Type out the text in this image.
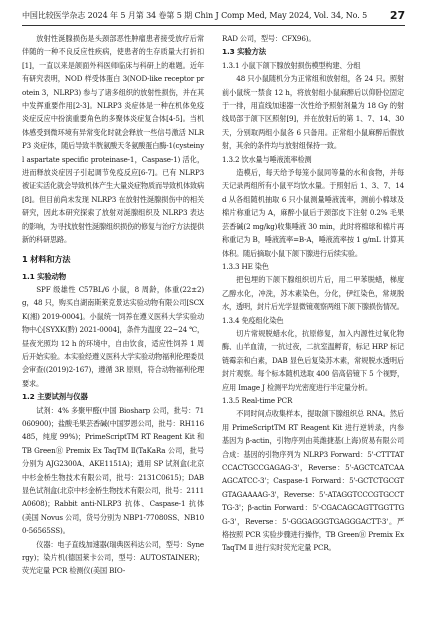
中国比较医学杂志 2024 年 5 月第 34 卷第 5 期 Chin J Comp Med, May 2024, Vol. 34, No. 5 27

放射性涎腺损伤是头颈部恶性肿瘤患者接受放疗后常伴随的一种不良反应性疾病，使患者的生存质量大打折扣[1]，一直以来是颌面外科医师临床与科研上的难题。近年有研究表明，NOD 样受体蛋白 3(NOD-like receptor protein 3，NLRP3) 参与了诸多组织的放射性损伤，并在其中发挥重要作用[2-3]。NLRP3 炎症体是一种在机体免疫炎症反应中扮演重要角色的多聚体炎症复合体[4-5]。当机体感受到微环境有异常变化时就会释放一些信号激活 NLRP3 炎症体，随后导致半胱氨酸天冬氨酸蛋白酶-1(cysteinyl aspartate specific proteinase-1，Caspase-1) 活化，进而释放炎症因子引起调节免疫反应[6-7]。已有 NLRP3 被证实活化就会导致机体产生大量炎症物质而导致机体致病[8]。但目前尚未发现 NLRP3 在放射性涎腺损伤中的相关研究，因此本研究探索了放射对涎腺组织及 NLRP3 表达的影响，为寻找放射性涎腺组织损伤的修复与治疗方法提供新的科研思路。

1 材料和方法
1.1 实验动物

SPF 级雄性 C57BL/6 小鼠，8 周龄，体重(22±2)g，48 只，购买自湖南斯莱克景达实验动物有限公司[SCXK(湘) 2019-0004]。小鼠统一饲养在遵义医科大学实验动物中心[SYXK(黔) 2021-0004]，条件为温度 22~24 ℃，昼夜光照均 12 h 的环境中，自由饮食，适应性饲养 1 周后开始实验。本实验经遵义医科大学实验动物福利伦理委员会审查((2019)2-167)，遵循 3R 原则，符合动物福利伦理要求。

1.2 主要试剂与仪器

试剂：4% 多聚甲醛(中国 Biosharp 公司，批号：71060900)；盐酸毛果芸香碱(中国罗恩公司，批号：RH116485，纯度 99%)；PrimeScriptTM RT Reagent Kit 和 TB GreenⓇ Premix Ex TaqTM Ⅱ(TaKaRa 公司，批号分别为 AJG2300A、AKE1151A)；通用 SP 试剂盒(北京中杉金桥生物技术有限公司，批号：2131C0615)；DAB 显色试剂盒(北京中杉金桥生物技术有限公司，批号：2111A0608)；Rabbit anti-NLRP3 抗体、Caspase-1 抗体(美国 Novus 公司，货号分别为 NBP1-77080SS、NB100-56565SS)。

仪器：电子直线加速器(瑞典医科达公司，型号：Synergy)；染片机(德国莱卡公司，型号：AUTOSTAINER)；荧光定量 PCR 检测仪(美国 BIO-

RAD 公司，型号：CFX96)。

1.3 实验方法
1.3.1 小鼠下颌下腺放射损伤模型构建、分组

48 只小鼠随机分为正常组和放射组，各 24 只。照射前小鼠统一禁食 12 h，将放射组小鼠麻醉后以仰卧位固定于一排，用直线加速器一次性给予照射剂量为 18 Gy 的射线局部于颌下区照射[9]，并在放射后的第 1、7、14、30 天，分别取两组小鼠各 6 只备用。正常组小鼠麻醉后假放射，其余的条件均与放射组保持一致。

1.3.2 饮水量与唾液流率检测

造模后，每天给予每笼小鼠同等量的水和食物，并每天记录两组所有小鼠平均饮水量。于照射后 1、3、7、14 d 从各组随机抽取 6 只小鼠测量唾液流率，测前小棉球及棉片称重记为 A，麻醉小鼠后于颈部皮下注射 0.2% 毛果芸香碱(2 mg/kg)收集唾液 30 min，此时将棉球和棉片再称重记为 B，唾液流率=B-A，唾液流率按 1 g/mL 计算其体积。随后摘取小鼠下颌下腺进行后续实验。

1.3.3 HE 染色

把包埋的下颌下腺组织切片后，用二甲苯脱蜡，梯度乙醇水化，冲洗，苏木素染色，分化，伊红染色，常规脱水，透明，封片后光学显微镜观察两组下颌下腺损伤情况。

1.3.4 免疫组化染色

切片常规脱蜡水化，抗原修复，加入内源性过氧化物酶、山羊血清，一抗过夜，二抗室温孵育，标记 HRP 标记链霉亲和白素，DAB 显色后复染苏木素，常规脱水透明后封片观察。每个标本随机选取 400 倍高倍镜下 5 个视野，应用 Image J 检测平均光密度进行半定量分析。

1.3.5 Real-time PCR

不同时间点收集样本，提取颌下腺组织总 RNA。然后用 PrimeScriptTM RT Reagent Kit 进行逆转录，内参基因为 β-actin，引物序列由英潍捷基(上海)贸易有限公司合成：基因的引物序列为 NLRP3 Forward：5'-CTTTATCCACTGCCGAGAG-3'，Reverse：5'-AGCTCATCAAAGCATCC-3'；Caspase-1 Forward：5'-GCTCTGCGTGTAGAAAAG-3'，Reverse：5'-ATAGGTCCCGTGCCTTG-3'；β-actin Forward：5'-CGACAGCAGTTGGTTGG-3'，Reverse：5'-GGGAGGGTGAGGGACTT-3'。严格按照 PCR 实验步骤进行操作，TB GreenⓇ Premix Ex TaqTM Ⅱ 进行实时荧光定量 PCR。
